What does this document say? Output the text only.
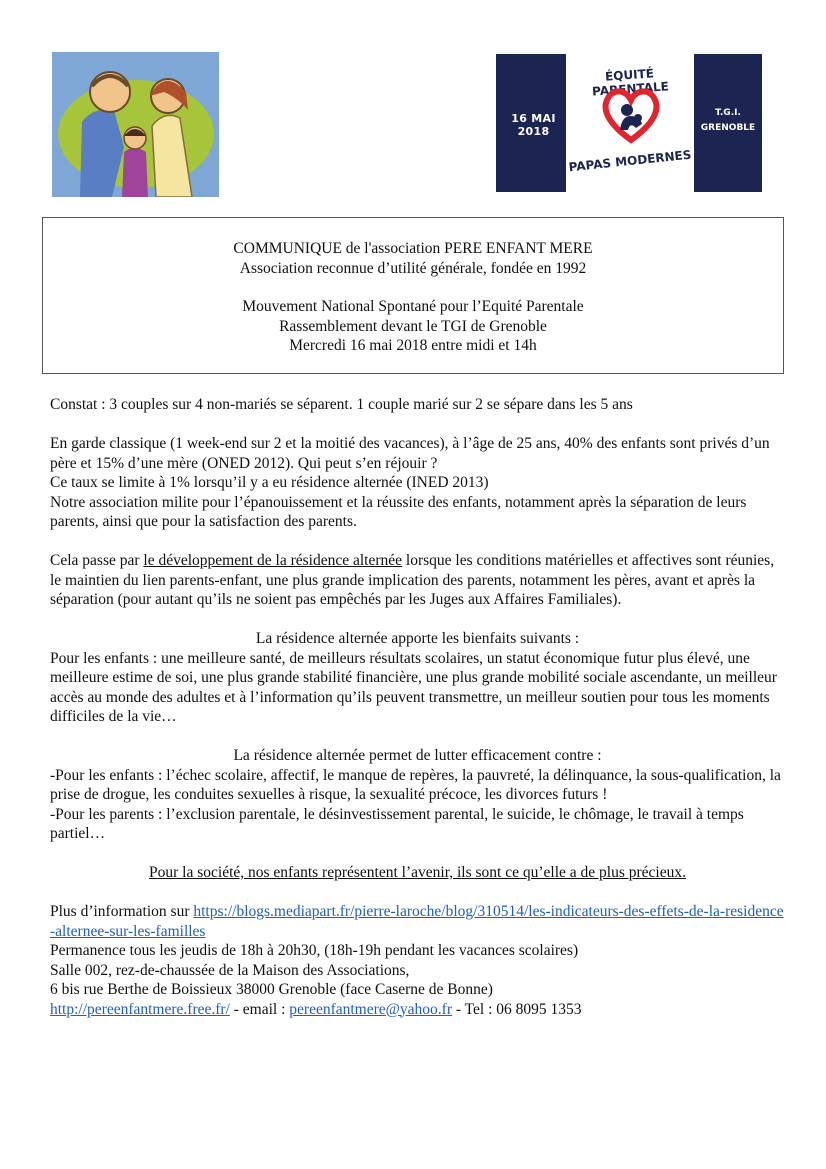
16 MAI 2018
ÉQUITÉ PARENTALE
PAPAS MODERNES
T.G.I.
GRENOBLE
COMMUNIQUE de l'association PERE ENFANT MERE
Association reconnue d’utilité générale, fondée en 1992
Mouvement National Spontané pour l’Equité Parentale
Rassemblement devant le TGI de Grenoble
Mercredi 16 mai 2018 entre midi et 14h

Constat : 3 couples sur 4 non-mariés se séparent. 1 couple marié sur 2 se sépare dans les 5 ans

En garde classique (1 week-end sur 2 et la moitié des vacances), à l’âge de 25 ans, 40% des enfants sont privés d’un père et 15% d’une mère (ONED 2012). Qui peut s’en réjouir ?

Ce taux se limite à 1% lorsqu’il y a eu résidence alternée (INED 2013)

Notre association milite pour l’épanouissement et la réussite des enfants, notamment après la séparation de leurs parents, ainsi que pour la satisfaction des parents.

Cela passe par le développement de la résidence alternée lorsque les conditions matérielles et affectives sont réunies, le maintien du lien parents-enfant, une plus grande implication des parents, notamment les pères, avant et après la séparation (pour autant qu’ils ne soient pas empêchés par les Juges aux Affaires Familiales).

La résidence alternée apporte les bienfaits suivants :

Pour les enfants : une meilleure santé, de meilleurs résultats scolaires, un statut économique futur plus élevé, une meilleure estime de soi, une plus grande stabilité financière, une plus grande mobilité sociale ascendante, un meilleur accès au monde des adultes et à l’information qu’ils peuvent transmettre, un meilleur soutien pour tous les moments difficiles de la vie…

La résidence alternée permet de lutter efficacement contre :

-Pour les enfants : l’échec scolaire, affectif, le manque de repères, la pauvreté, la délinquance, la sous-qualification, la prise de drogue, les conduites sexuelles à risque, la sexualité précoce, les divorces futurs !

-Pour les parents : l’exclusion parentale, le désinvestissement parental, le suicide, le chômage, le travail à temps partiel…

Pour la société, nos enfants représentent l’avenir, ils sont ce qu’elle a de plus précieux.

Plus d’information sur https://blogs.mediapart.fr/pierre-laroche/blog/310514/les-indicateurs-des-effets-de-la-residence-alternee-sur-les-familles

Permanence tous les jeudis de 18h à 20h30, (18h-19h pendant les vacances scolaires)

Salle 002, rez-de-chaussée de la Maison des Associations,

6 bis rue Berthe de Boissieux 38000 Grenoble (face Caserne de Bonne)

http://pereenfantmere.free.fr/ - email : pereenfantmere@yahoo.fr - Tel : 06 8095 1353
